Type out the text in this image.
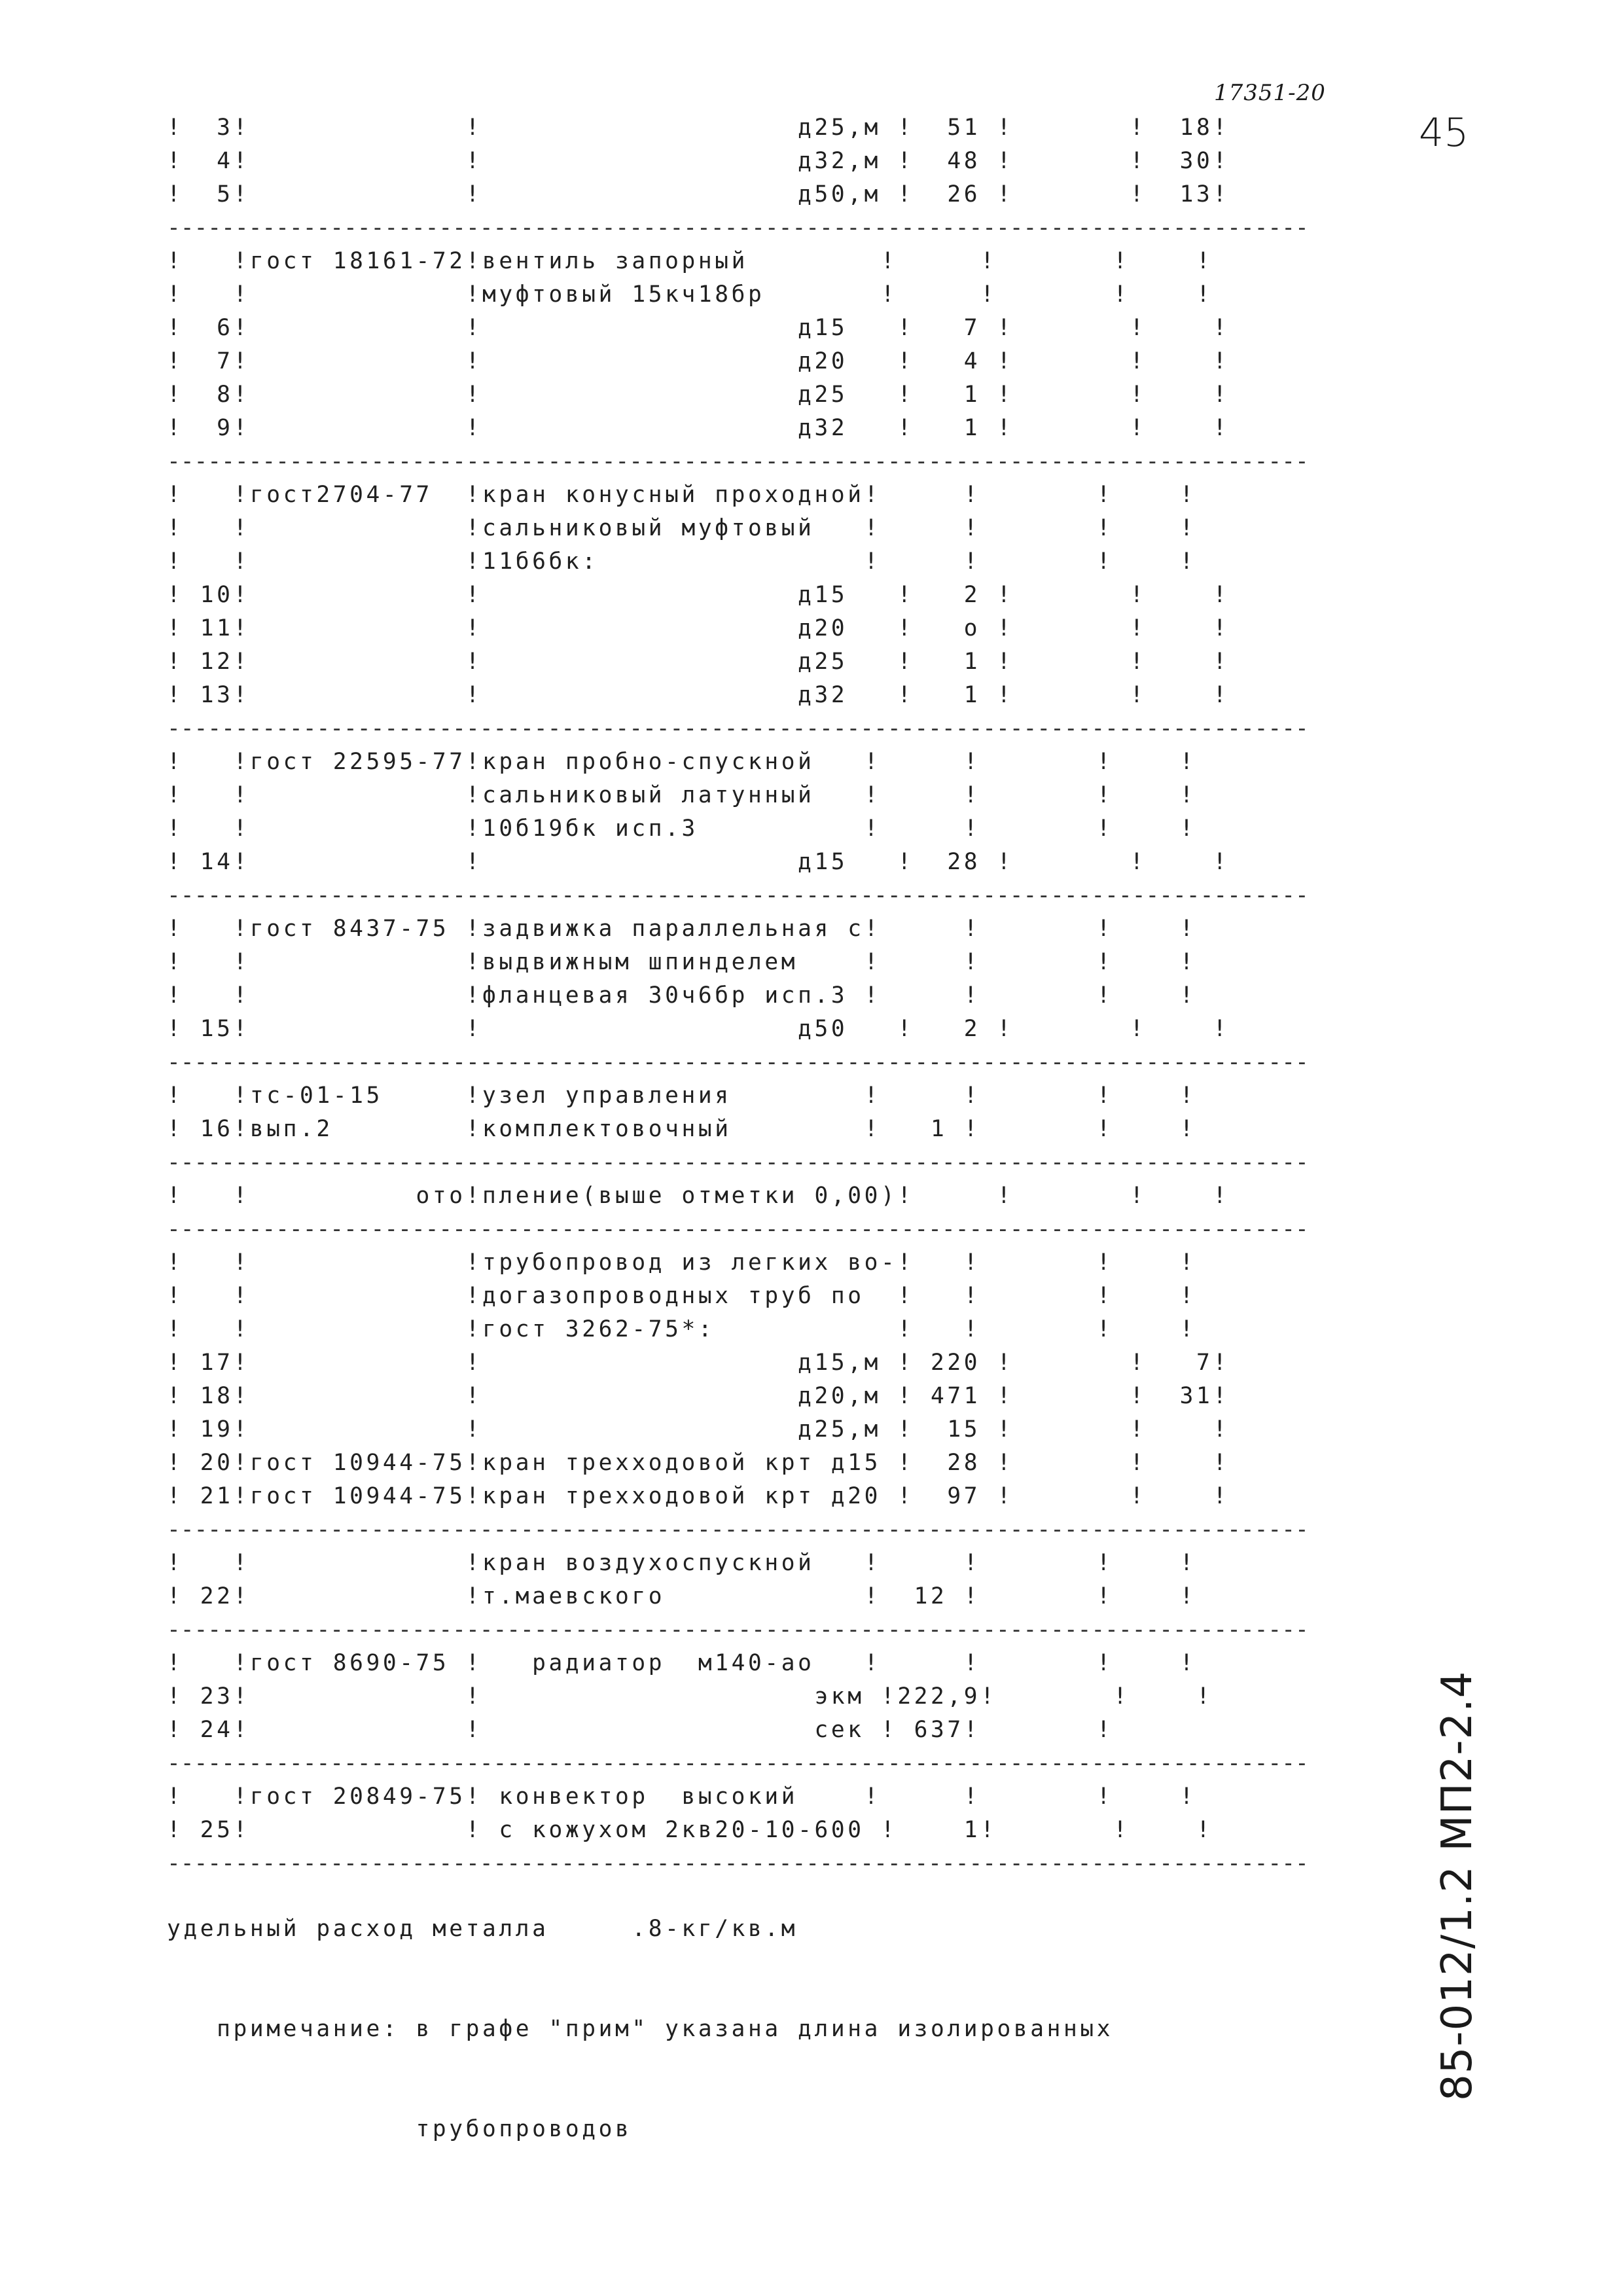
17351-20
45
85-012/1.2 МП2-2.4
!  3!             !                   д25,м !  51 !       !  18!
!  4!             !                   д32,м !  48 !       !  30!
!  5!             !                   д50,м !  26 !       !  13!
------------------------------------------------------------------------------------
!   !гост 18161-72!вентиль запорный        !     !       !    !
!   !             !муфтовый 15кч18бр       !     !       !    !
!  6!             !                   д15   !   7 !       !    !
!  7!             !                   д20   !   4 !       !    !
!  8!             !                   д25   !   1 !       !    !
!  9!             !                   д32   !   1 !       !    !
------------------------------------------------------------------------------------
!   !гост2704-77  !кран конусный проходной!     !       !    !
!   !             !сальниковый муфтовый   !     !       !    !
!   !             !11б6бк:                !     !       !    !
! 10!             !                   д15   !   2 !       !    !
! 11!             !                   д20   !   о !       !    !
! 12!             !                   д25   !   1 !       !    !
! 13!             !                   д32   !   1 !       !    !
------------------------------------------------------------------------------------
!   !гост 22595-77!кран пробно-спускной   !     !       !    !
!   !             !сальниковый латунный   !     !       !    !
!   !             !10б19бк исп.3          !     !       !    !
! 14!             !                   д15   !  28 !       !    !
------------------------------------------------------------------------------------
!   !гост 8437-75 !задвижка параллельная с!     !       !    !
!   !             !выдвижным шпинделем    !     !       !    !
!   !             !фланцевая 30ч6бр исп.3 !     !       !    !
! 15!             !                   д50   !   2 !       !    !
------------------------------------------------------------------------------------
!   !тс-01-15     !узел управления        !     !       !    !
! 16!вып.2        !комплектовочный        !   1 !       !    !
------------------------------------------------------------------------------------
!   !          ото!пление(выше отметки 0,00)!     !       !    !
------------------------------------------------------------------------------------
!   !             !трубопровод из легких во-!   !       !    !
!   !             !догазопроводных труб по  !   !       !    !
!   !             !гост 3262-75*:           !   !       !    !
! 17!             !                   д15,м ! 220 !       !   7!
! 18!             !                   д20,м ! 471 !       !  31!
! 19!             !                   д25,м !  15 !       !    !
! 20!гост 10944-75!кран трехходовой крт д15 !  28 !       !    !
! 21!гост 10944-75!кран трехходовой крт д20 !  97 !       !    !
------------------------------------------------------------------------------------
!   !             !кран воздухоспускной   !     !       !    !
! 22!             !т.маевского            !  12 !       !    !
------------------------------------------------------------------------------------
!   !гост 8690-75 !   радиатор  м140-ао   !     !       !    !
! 23!             !                    экм !222,9!       !    !
! 24!             !                    сек ! 637!       !
------------------------------------------------------------------------------------
!   !гост 20849-75! конвектор  высокий    !     !       !    !
! 25!             ! с кожухом 2кв20-10-600 !    1!       !    !
------------------------------------------------------------------------------------

удельный расход металла     .8-кг/кв.м

примечание: в графе "прим" указана длина изолированных

трубопроводов
